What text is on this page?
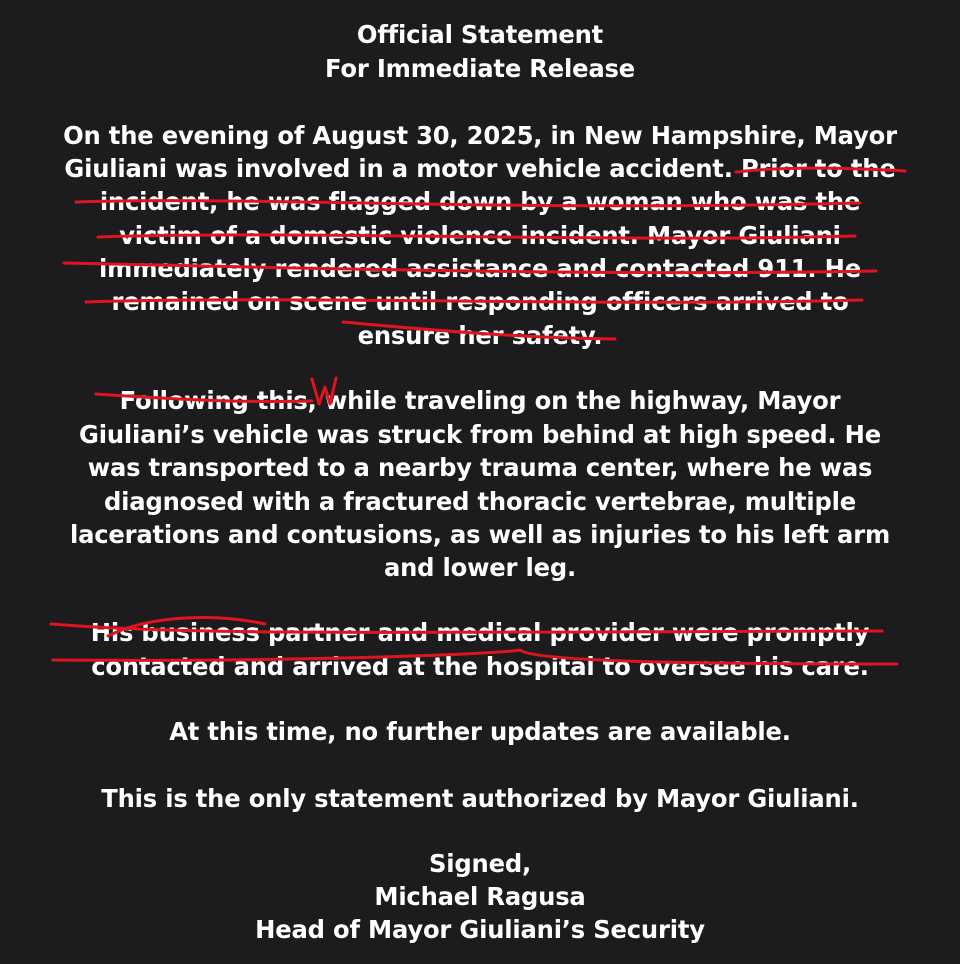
Official Statement
For Immediate Release
On the evening of August 30, 2025, in New Hampshire, Mayor
Giuliani was involved in a motor vehicle accident. Prior to the
incident, he was flagged down by a woman who was the
victim of a domestic violence incident. Mayor Giuliani
immediately rendered assistance and contacted 911. He
remained on scene until responding officers arrived to
ensure her safety.
Following this, while traveling on the highway, Mayor
Giuliani’s vehicle was struck from behind at high speed. He
was transported to a nearby trauma center, where he was
diagnosed with a fractured thoracic vertebrae, multiple
lacerations and contusions, as well as injuries to his left arm
and lower leg.
His business partner and medical provider were promptly
contacted and arrived at the hospital to oversee his care.
At this time, no further updates are available.
This is the only statement authorized by Mayor Giuliani.
Signed,
Michael Ragusa
Head of Mayor Giuliani’s Security
